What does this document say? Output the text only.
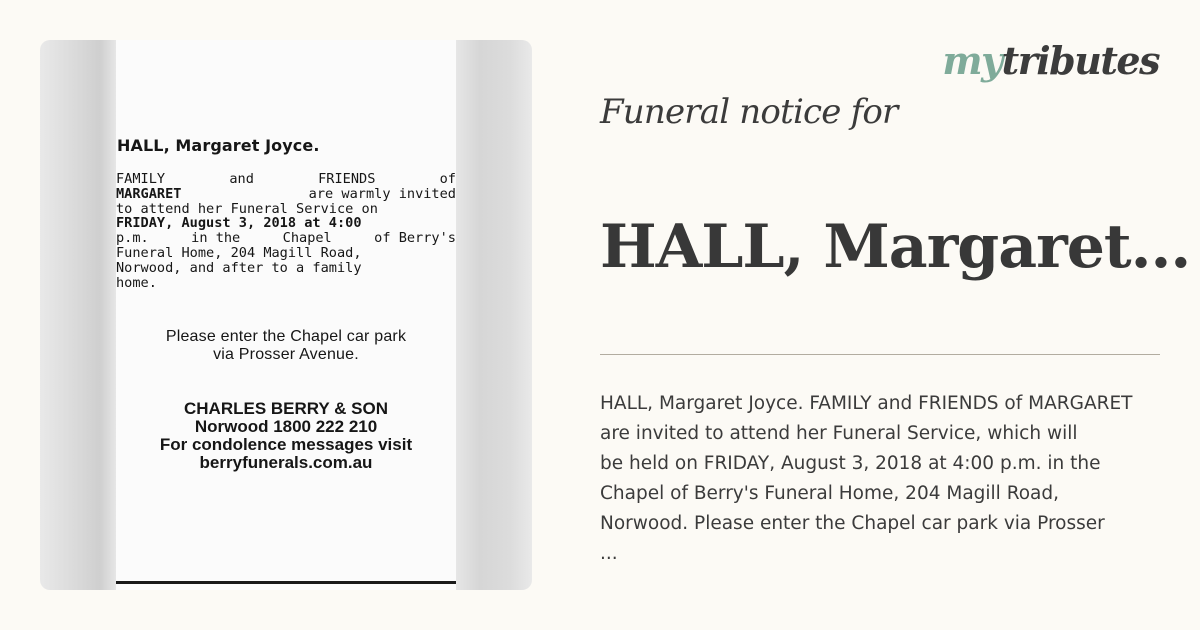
HALL, Margaret Joyce.
FAMILY	and	FRIENDS	of
MARGARET	are warmly invited
to attend her Funeral Service on
FRIDAY, August 3, 2018 at 4:00
p.m.	in the	Chapel	of Berry's
Funeral Home, 204 Magill Road,
Norwood, and after to a family
home.
Please enter the Chapel car park
via Prosser Avenue.
CHARLES BERRY & SON
Norwood 1800 222 210
For condolence messages visit
berryfunerals.com.au
mytributes
Funeral notice for
HALL, Margaret...
HALL, Margaret Joyce. FAMILY and FRIENDS of MARGARET
are invited to attend her Funeral Service, which will
be held on FRIDAY, August 3, 2018 at 4:00 p.m. in the
Chapel of Berry's Funeral Home, 204 Magill Road,
Norwood. Please enter the Chapel car park via Prosser
...
